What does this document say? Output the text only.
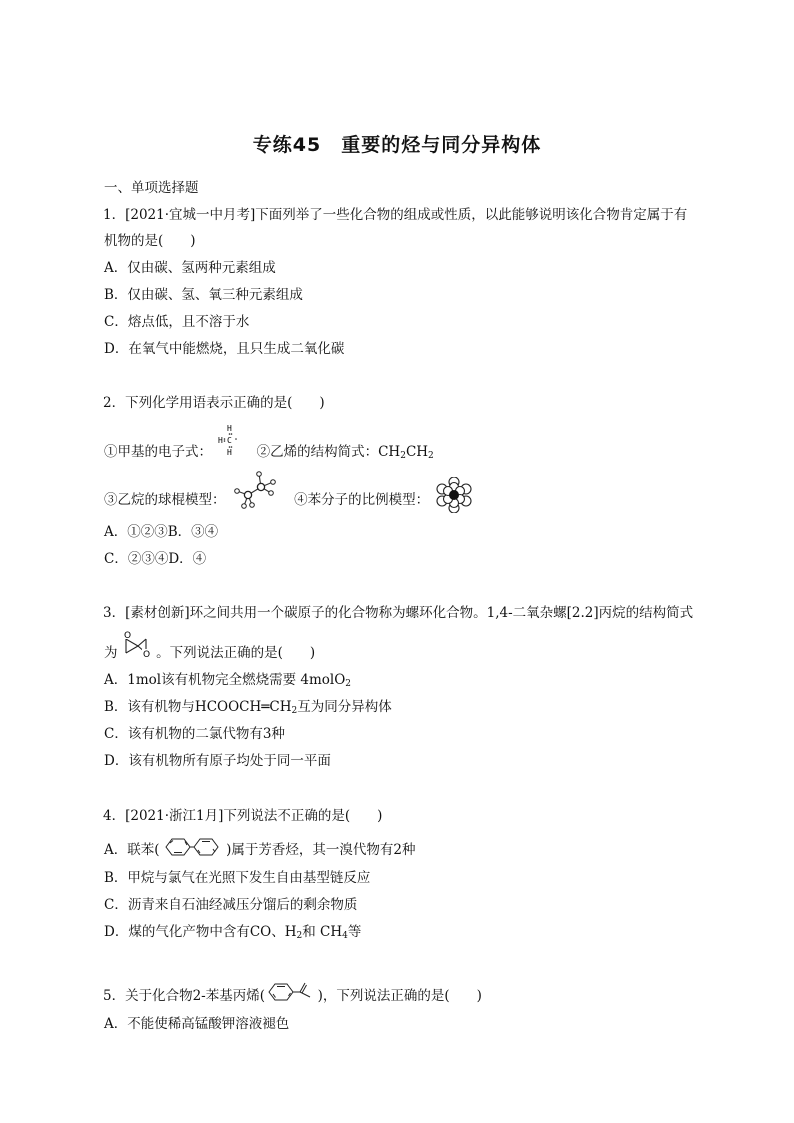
专练45　重要的烃与同分异构体
一、单项选择题
1．[2021·宜城一中月考]下面列举了一些化合物的组成或性质，以此能够说明该化合物肯定属于有
机物的是(　　)
A．仅由碳、氢两种元素组成
B．仅由碳、氢、氧三种元素组成
C．熔点低，且不溶于水
D．在氧气中能燃烧，且只生成二氧化碳
2．下列化学用语表示正确的是(　　)
①甲基的电子式：
H
H C
H ②乙烯的结构简式：$CH_2CH_2$
③乙烷的球棍模型：	④苯分子的比例模型：
A．①②③B．③④
C．②③④D．④
3．[素材创新]环之间共用一个碳原子的化合物称为螺环化合物。1,4-二氧杂螺[2.2]丙烷的结构简式
为
O
O 。下列说法正确的是(　　)
A．1mol该有机物完全燃烧需要 4molO$_2$
B．该有机物与$HCOOCH═CH_2$互为同分异构体
C．该有机物的二氯代物有3种
D．该有机物所有原子均处于同一平面
4．[2021·浙江1月]下列说法不正确的是(　　)
A．联苯(	)属于芳香烃，其一溴代物有2种
B．甲烷与氯气在光照下发生自由基型链反应
C．沥青来自石油经减压分馏后的剩余物质
D．煤的气化产物中含有CO、$H_2$和 $CH_4$等
5．关于化合物2-苯基丙烯(	)，下列说法正确的是(　　)
A．不能使稀高锰酸钾溶液褪色
